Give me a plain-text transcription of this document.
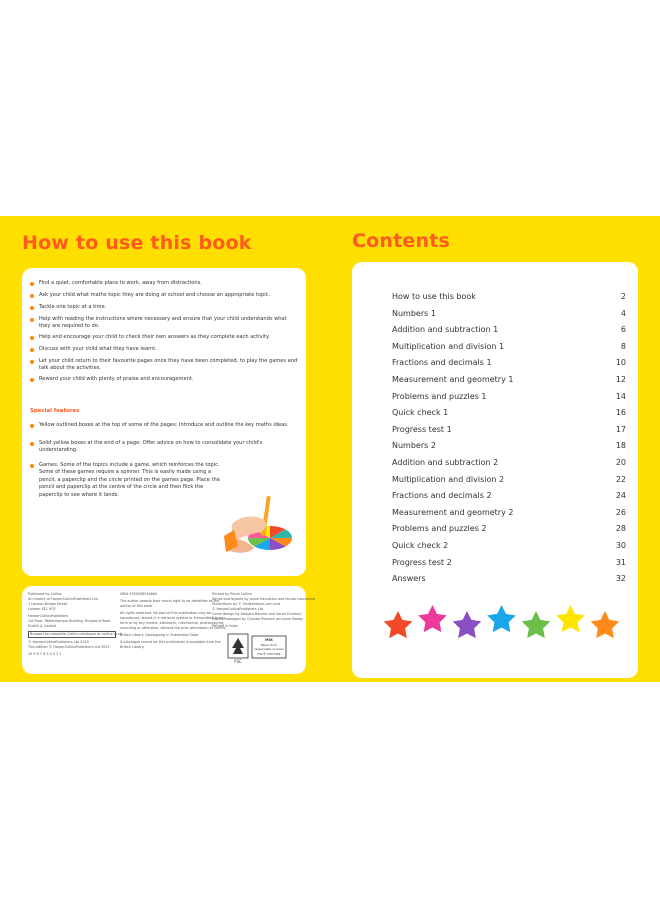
How to use this book
Find a quiet, comfortable place to work, away from distractions.
Ask your child what maths topic they are doing at school and choose an appropriate topic.
Tackle one topic at a time.
Help with reading the instructions where necessary and ensure that your child understands what they are required to do.
Help and encourage your child to check their own answers as they complete each activity.
Discuss with your child what they have learnt.
Let your child return to their favourite pages once they have been completed, to play the games and talk about the activities.
Reward your child with plenty of praise and encouragement.
Special features
Yellow outlined boxes at the top of some of the pages: Introduce and outline the key maths ideas.
Solid yellow boxes at the end of a page: Offer advice on how to consolidate your child's understanding.
Games: Some of the topics include a game, which reinforces the topic. Some of these games require a spinner. This is easily made using a pencil, a paperclip and the circle printed on the games page. Place the pencil and paperclip at the centre of the circle and then flick the paperclip to see where it lands.
Published by Collins
An imprint of HarperCollinsPublishers Ltd
1 London Bridge Street
London SE1 9GF
HarperCollinsPublishers
1st Floor, Watermarque Building, Ringsend Road
Dublin 4, Ireland
Browse the complete Collins catalogue at collins.co.uk
© HarperCollinsPublishers Ltd 2015
This edition © HarperCollinsPublishers Ltd 2023
10 9 8 7 6 5 4 3 2 1
ISBN 9780008534684
The author asserts their moral right to be identified as the
author of this work.
All rights reserved. No part of this publication may be
reproduced, stored in a retrieval system or transmitted in any
form or by any means, electronic, mechanical, photocopying,
recording or otherwise, without the prior permission of Collins.
British Library Cataloguing in Publication Data
A catalogue record for this publication is available from the
British Library.
Printed by Ricoh Collins
Series and layouts by Jouve Education and Nicola Lancashire
Illustrations by © Shutterstock.com and
© HarperCollinsPublishers Ltd
Cover design by Amparo Barrera and Sarah Duxbury
Project managed by Chantal Peacock and Jane Moody
Printed in India
FSC
MIX
Paper from
responsible sources
FSC® C007454
Contents
How to use this book	2
Numbers 1	4
Addition and subtraction 1	6
Multiplication and division 1	8
Fractions and decimals 1	10
Measurement and geometry 1	12
Problems and puzzles 1	14
Quick check 1	16
Progress test 1	17
Numbers 2	18
Addition and subtraction 2	20
Multiplication and division 2	22
Fractions and decimals 2	24
Measurement and geometry 2	26
Problems and puzzles 2	28
Quick check 2	30
Progress test 2	31
Answers	32
